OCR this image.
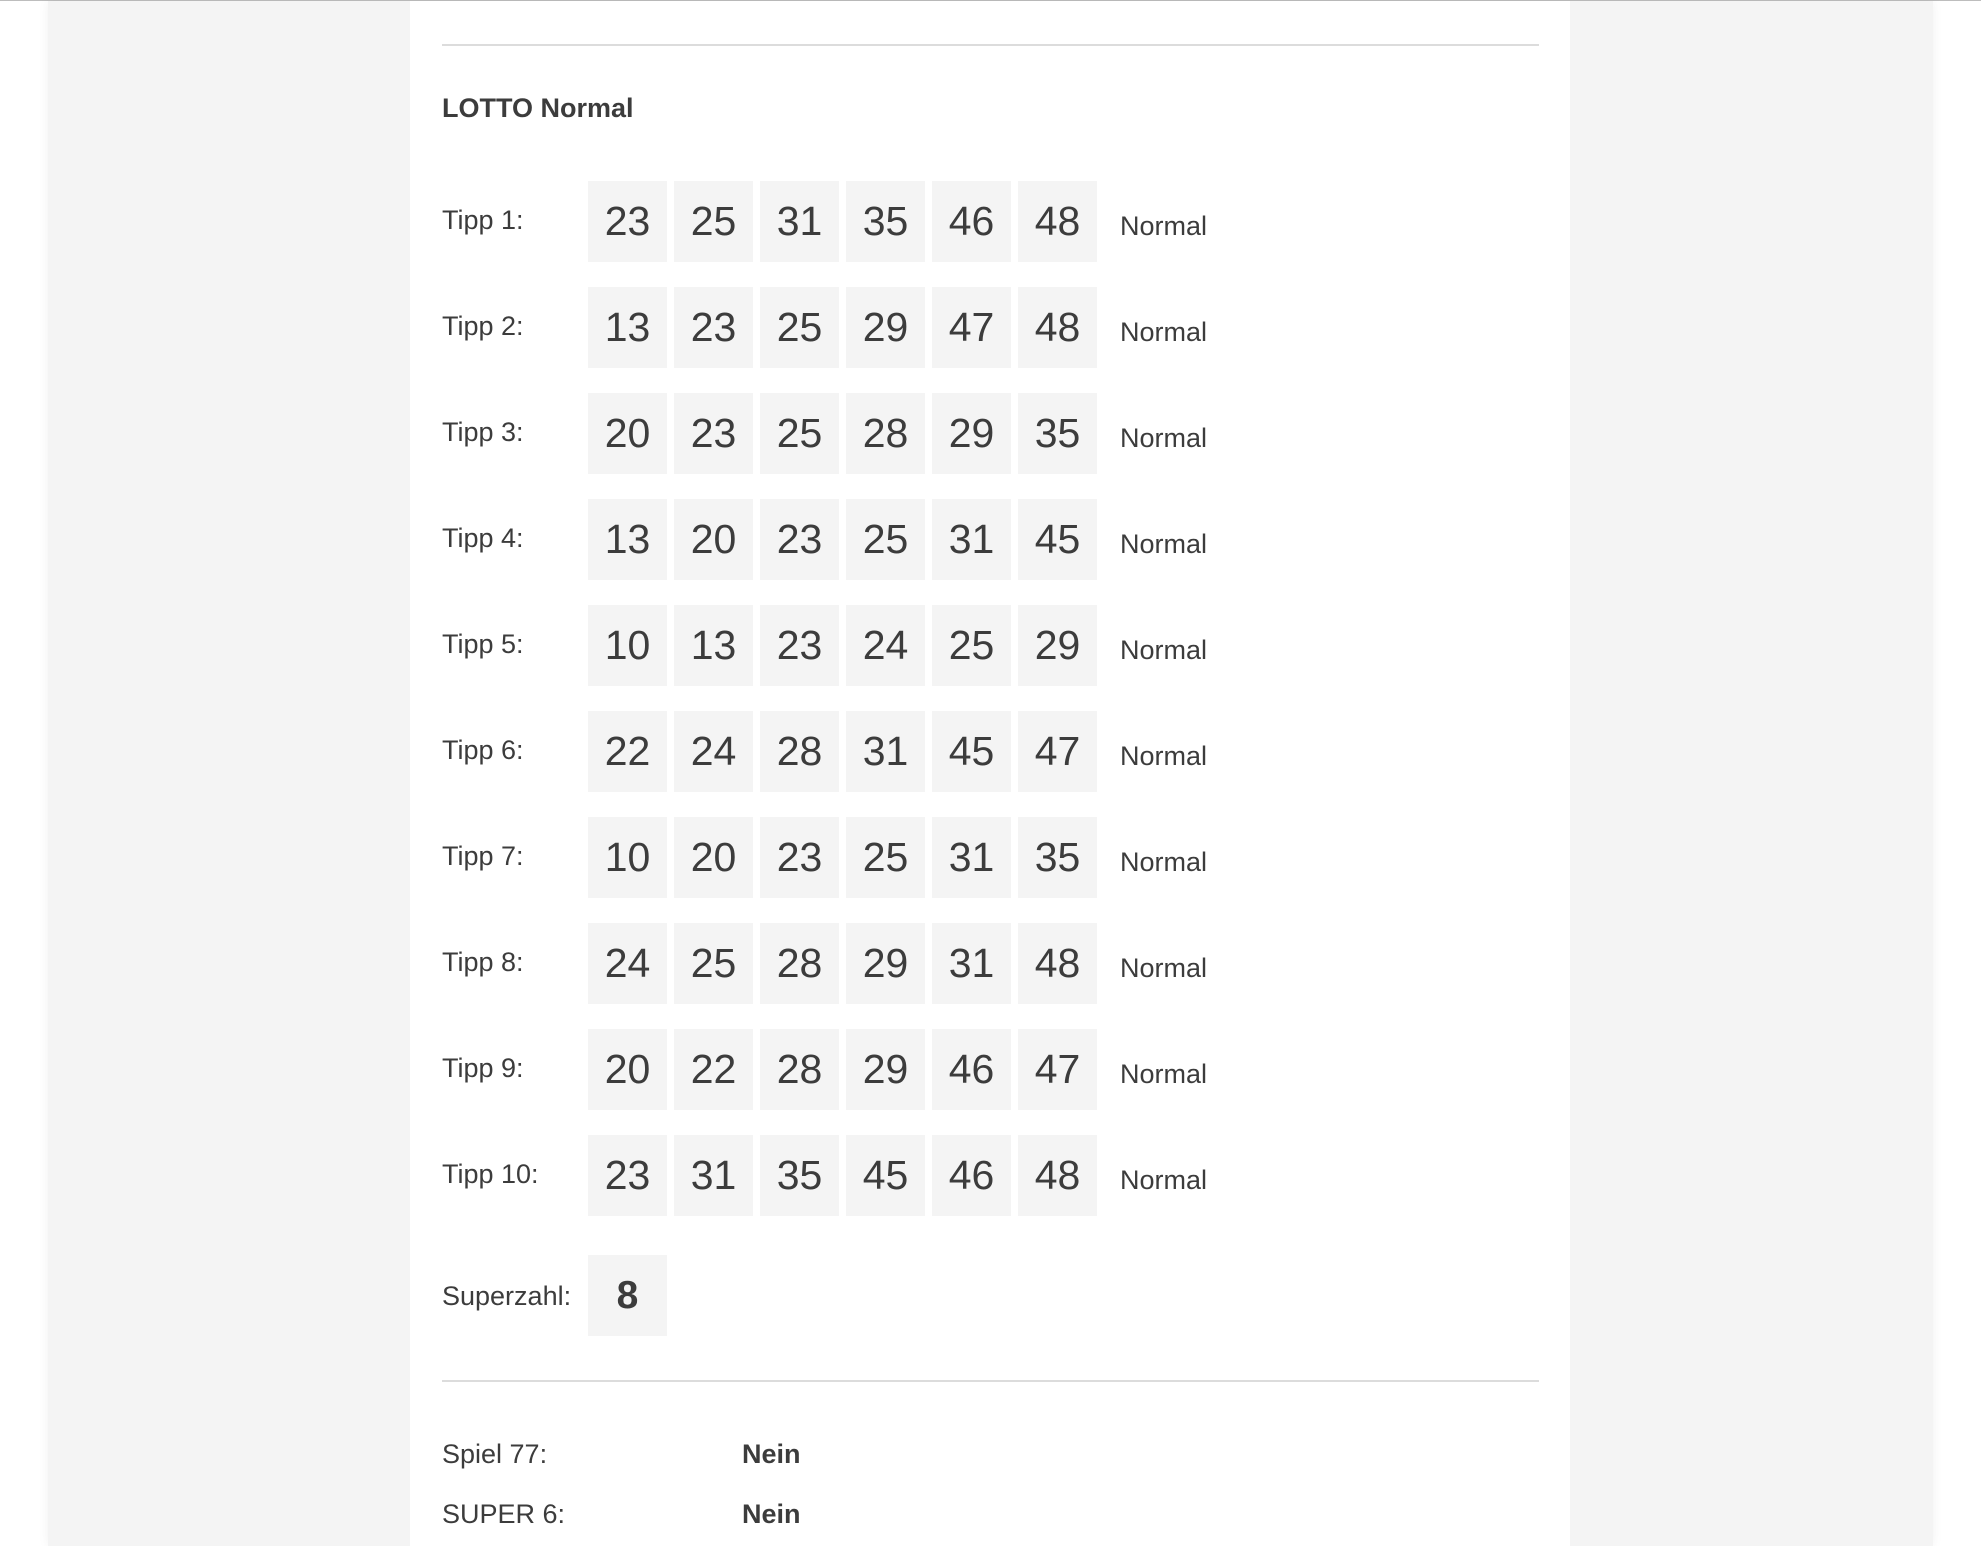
LOTTO Normal
Tipp 1:	23 25 31 35 46 48	Normal
Tipp 2:	13 23 25 29 47 48	Normal
Tipp 3:	20 23 25 28 29 35	Normal
Tipp 4:	13 20 23 25 31 45	Normal
Tipp 5:	10 13 23 24 25 29	Normal
Tipp 6:	22 24 28 31 45 47	Normal
Tipp 7:	10 20 23 25 31 35	Normal
Tipp 8:	24 25 28 29 31 48	Normal
Tipp 9:	20 22 28 29 46 47	Normal
Tipp 10:	23 31 35 45 46 48	Normal
Superzahl:	8
Spiel 77:	Nein
SUPER 6:	Nein
